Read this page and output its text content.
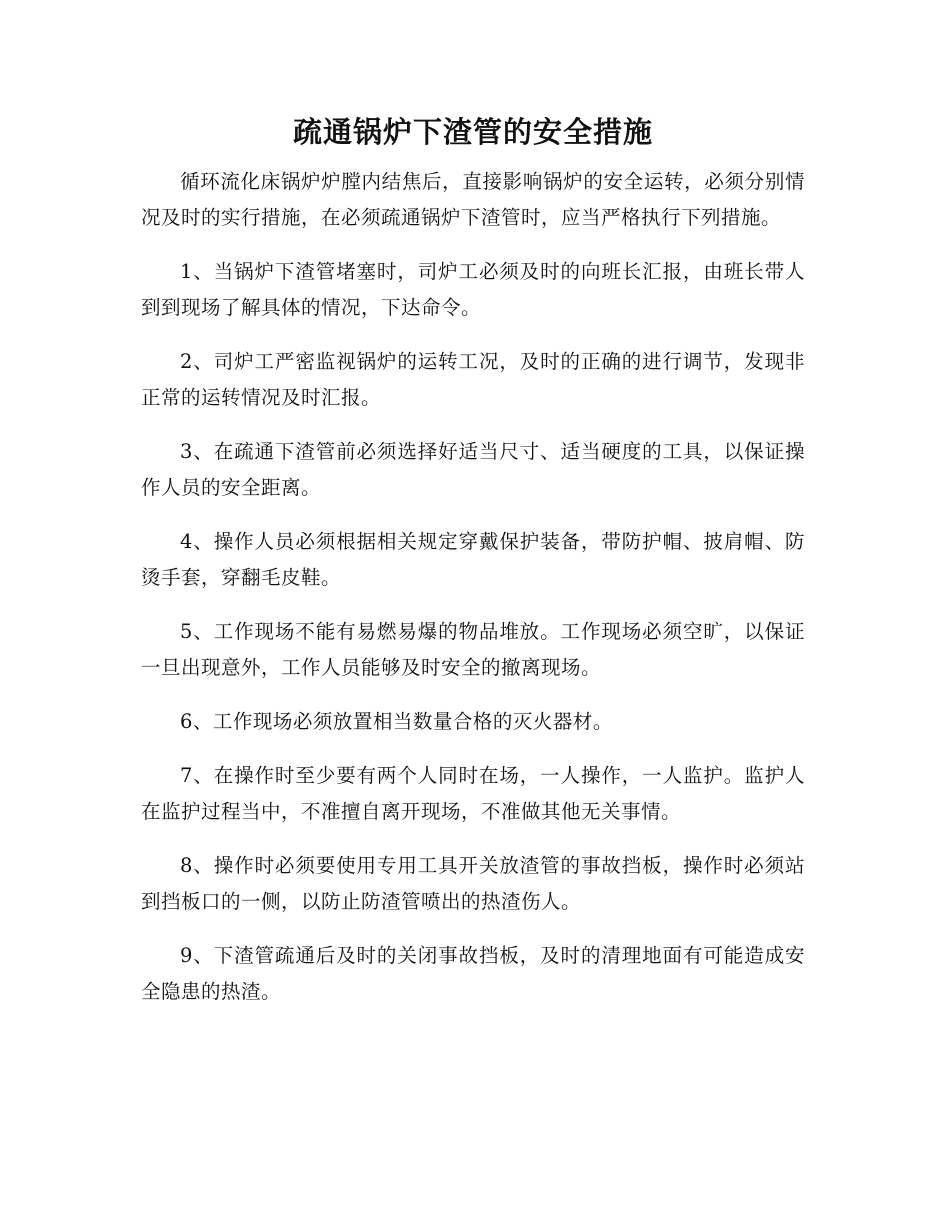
疏通锅炉下渣管的安全措施

循环流化床锅炉炉膛内结焦后，直接影响锅炉的安全运转，必须分别情况及时的实行措施，在必须疏通锅炉下渣管时，应当严格执行下列措施。

1、当锅炉下渣管堵塞时，司炉工必须及时的向班长汇报，由班长带人到到现场了解具体的情况，下达命令。

2、司炉工严密监视锅炉的运转工况，及时的正确的进行调节，发现非正常的运转情况及时汇报。

3、在疏通下渣管前必须选择好适当尺寸、适当硬度的工具，以保证操作人员的安全距离。

4、操作人员必须根据相关规定穿戴保护装备，带防护帽、披肩帽、防烫手套，穿翻毛皮鞋。

5、工作现场不能有易燃易爆的物品堆放。工作现场必须空旷，以保证一旦出现意外，工作人员能够及时安全的撤离现场。

6、工作现场必须放置相当数量合格的灭火器材。

7、在操作时至少要有两个人同时在场，一人操作，一人监护。监护人在监护过程当中，不准擅自离开现场，不准做其他无关事情。

8、操作时必须要使用专用工具开关放渣管的事故挡板，操作时必须站到挡板口的一侧，以防止防渣管喷出的热渣伤人。

9、下渣管疏通后及时的关闭事故挡板，及时的清理地面有可能造成安全隐患的热渣。
